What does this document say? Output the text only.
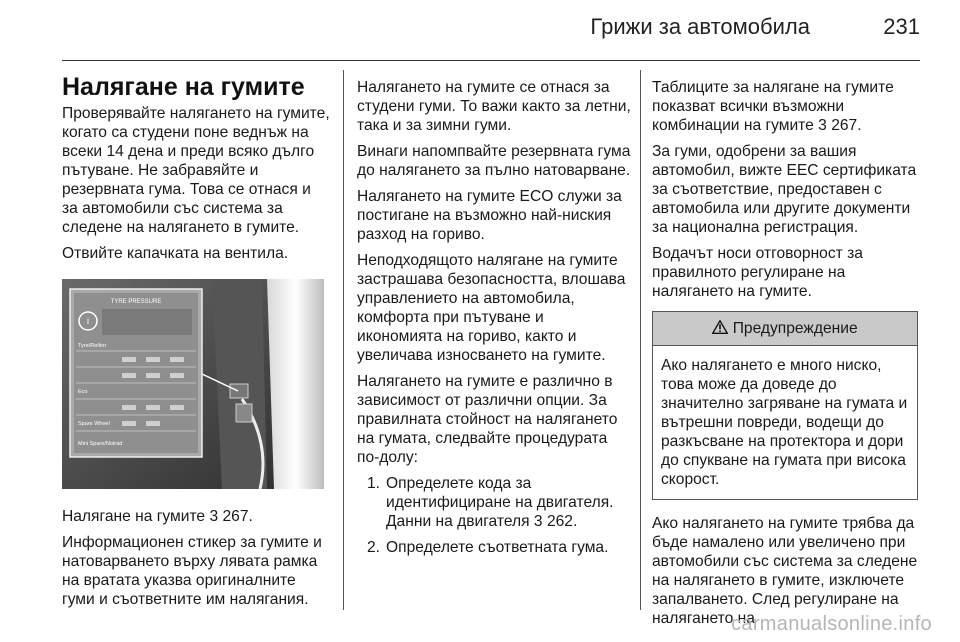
Грижи за автомобила	231
Налягане на гумите

Проверявайте налягането на гумите, когато са студени поне веднъж на всеки 14 дена и преди всяко дълго пътуване. Не забравяйте и резервната гума. Това се отнася и за автомобили със система за следене на налягането в гумите.

Отвийте капачката на вентила.

TYRE PRESSURE
i
Tyre/Reifen
Eco
Spare Wheel
Mini Spare/Notrad

Налягане на гумите 3 267.

Информационен стикер за гумите и натоварването върху лявата рамка на вратата указва оригиналните гуми и съответните им налягания.

Налягането на гумите се отнася за студени гуми. То важи както за летни, така и за зимни гуми.

Винаги напомпвайте резервната гума до налягането за пълно натоварване.

Налягането на гумите ECO служи за постигане на възможно най-ниския разход на гориво.

Неподходящото налягане на гумите застрашава безопасността, влошава управлението на автомобила, комфорта при пътуване и икономията на гориво, както и увеличава износването на гумите.

Налягането на гумите е различно в зависимост от различни опции. За правилната стойност на налягането на гумата, следвайте процедурата по-долу:

1. Определете кода за идентифициране на двигателя. Данни на двигателя 3 262.
2. Определете съответната гума.

Таблиците за налягане на гумите показват всички възможни комбинации на гумите 3 267.

За гуми, одобрени за вашия автомобил, вижте EEC сертификата за съответствие, предоставен с автомобила или другите документи за национална регистрация.

Водачът носи отговорност за правилното регулиране на налягането на гумите.

Предупреждение

Ако налягането е много ниско, това може да доведе до значително загряване на гумата и вътрешни повреди, водещи до разкъсване на протектора и дори до спукване на гумата при висока скорост.

Ако налягането на гумите трябва да бъде намалено или увеличено при автомобили със система за следене на налягането в гумите, изключете запалването. След регулиране на налягането на

carmanualsonline.info
